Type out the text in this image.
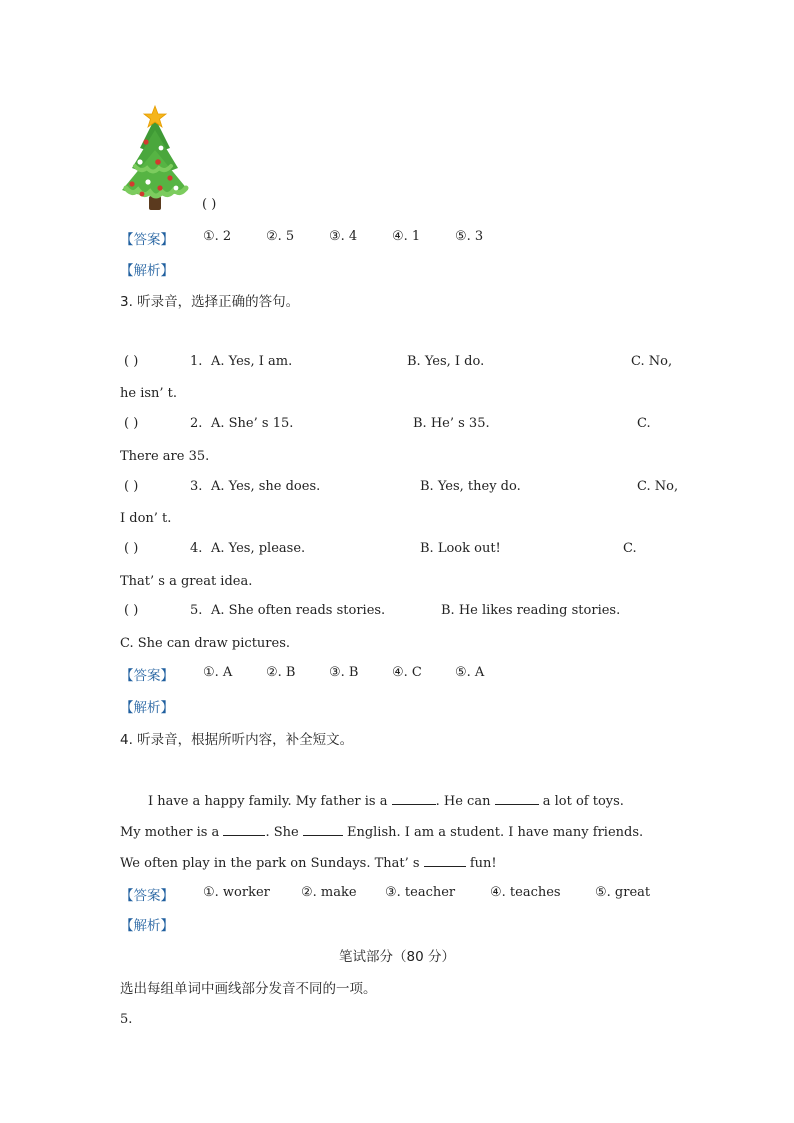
( )
【答案】 ①. 2	②. 5	③. 4	④. 1	⑤. 3
【解析】
3. 听录音，选择正确的答句。
( )	1. A. Yes, I am.	B. Yes, I do.	C. No,
he isn’ t.
( )	2. A. She’ s 15.	B. He’ s 35.	C.
There are 35.
( )	3. A. Yes, she does.	B. Yes, they do.	C. No,
I don’ t.
( )	4. A. Yes, please.	B. Look out!	C.
That’ s a great idea.
( )	5. A. She often reads stories.	B. He likes reading stories.
C. She can draw pictures.
【答案】 ①. A	②. B	③. B	④. C	⑤. A
【解析】
4. 听录音，根据所听内容，补全短文。
I have a happy family. My father is a	. He can	a lot of toys.
My mother is a	. She	English. I am a student. I have many friends.
We often play in the park on Sundays. That’ s	fun!
【答案】 ①. worker ②. make ③. teacher	④. teaches	⑤. great
【解析】
笔试部分（80 分）
选出每组单词中画线部分发音不同的一项。
5.
